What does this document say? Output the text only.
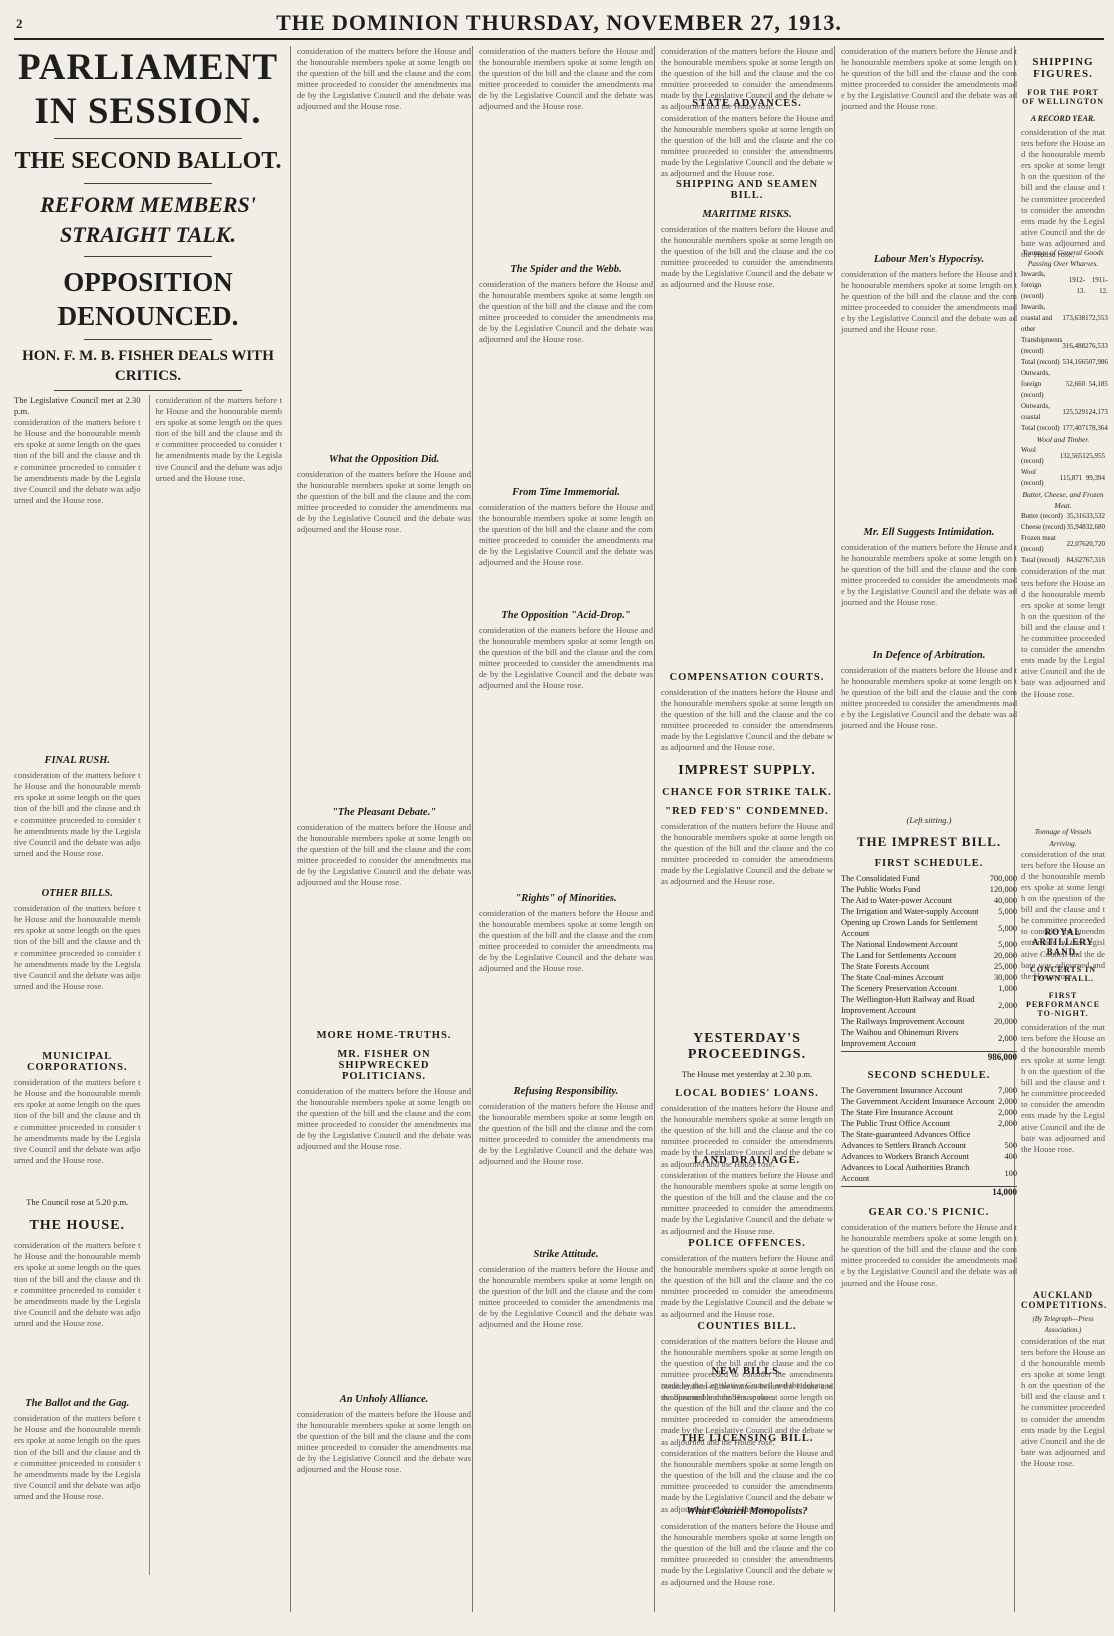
2	THE DOMINION THURSDAY, NOVEMBER 27, 1913.
PARLIAMENT IN SESSION.
THE SECOND BALLOT.
REFORM MEMBERS' STRAIGHT TALK.
OPPOSITION DENOUNCED.
HON. F. M. B. FISHER DEALS WITH CRITICS.
The Legislative Council met at 2.30 p.m.
consideration of the matters before the House and the honourable members spoke at some length on the question of the bill and the clause and the committee proceeded to consider the amendments made by the Legislative Council and the debate was adjourned and the House rose.
FINAL RUSH.
consideration of the matters before the House and the honourable members spoke at some length on the question of the bill and the clause and the committee proceeded to consider the amendments made by the Legislative Council and the debate was adjourned and the House rose.
OTHER BILLS.
consideration of the matters before the House and the honourable members spoke at some length on the question of the bill and the clause and the committee proceeded to consider the amendments made by the Legislative Council and the debate was adjourned and the House rose.
MUNICIPAL CORPORATIONS.
consideration of the matters before the House and the honourable members spoke at some length on the question of the bill and the clause and the committee proceeded to consider the amendments made by the Legislative Council and the debate was adjourned and the House rose.
The Council rose at 5.20 p.m.
THE HOUSE.
consideration of the matters before the House and the honourable members spoke at some length on the question of the bill and the clause and the committee proceeded to consider the amendments made by the Legislative Council and the debate was adjourned and the House rose.
The Ballot and the Gag.
consideration of the matters before the House and the honourable members spoke at some length on the question of the bill and the clause and the committee proceeded to consider the amendments made by the Legislative Council and the debate was adjourned and the House rose.
consideration of the matters before the House and the honourable members spoke at some length on the question of the bill and the clause and the committee proceeded to consider the amendments made by the Legislative Council and the debate was adjourned and the House rose.
consideration of the matters before the House and the honourable members spoke at some length on the question of the bill and the clause and the committee proceeded to consider the amendments made by the Legislative Council and the debate was adjourned and the House rose.
What the Opposition Did.
consideration of the matters before the House and the honourable members spoke at some length on the question of the bill and the clause and the committee proceeded to consider the amendments made by the Legislative Council and the debate was adjourned and the House rose.
"The Pleasant Debate."
consideration of the matters before the House and the honourable members spoke at some length on the question of the bill and the clause and the committee proceeded to consider the amendments made by the Legislative Council and the debate was adjourned and the House rose.
MORE HOME-TRUTHS.
MR. FISHER ON SHIPWRECKED POLITICIANS.
consideration of the matters before the House and the honourable members spoke at some length on the question of the bill and the clause and the committee proceeded to consider the amendments made by the Legislative Council and the debate was adjourned and the House rose.
An Unholy Alliance.
consideration of the matters before the House and the honourable members spoke at some length on the question of the bill and the clause and the committee proceeded to consider the amendments made by the Legislative Council and the debate was adjourned and the House rose.
consideration of the matters before the House and the honourable members spoke at some length on the question of the bill and the clause and the committee proceeded to consider the amendments made by the Legislative Council and the debate was adjourned and the House rose.
The Spider and the Webb.
consideration of the matters before the House and the honourable members spoke at some length on the question of the bill and the clause and the committee proceeded to consider the amendments made by the Legislative Council and the debate was adjourned and the House rose.
From Time Immemorial.
consideration of the matters before the House and the honourable members spoke at some length on the question of the bill and the clause and the committee proceeded to consider the amendments made by the Legislative Council and the debate was adjourned and the House rose.
The Opposition "Acid-Drop."
consideration of the matters before the House and the honourable members spoke at some length on the question of the bill and the clause and the committee proceeded to consider the amendments made by the Legislative Council and the debate was adjourned and the House rose.
"Rights" of Minorities.
consideration of the matters before the House and the honourable members spoke at some length on the question of the bill and the clause and the committee proceeded to consider the amendments made by the Legislative Council and the debate was adjourned and the House rose.
Refusing Responsibility.
consideration of the matters before the House and the honourable members spoke at some length on the question of the bill and the clause and the committee proceeded to consider the amendments made by the Legislative Council and the debate was adjourned and the House rose.
Strike Attitude.
consideration of the matters before the House and the honourable members spoke at some length on the question of the bill and the clause and the committee proceeded to consider the amendments made by the Legislative Council and the debate was adjourned and the House rose.
consideration of the matters before the House and the honourable members spoke at some length on the question of the bill and the clause and the committee proceeded to consider the amendments made by the Legislative Council and the debate was adjourned and the House rose.
STATE ADVANCES.
consideration of the matters before the House and the honourable members spoke at some length on the question of the bill and the clause and the committee proceeded to consider the amendments made by the Legislative Council and the debate was adjourned and the House rose.
SHIPPING AND SEAMEN BILL.
MARITIME RISKS.
consideration of the matters before the House and the honourable members spoke at some length on the question of the bill and the clause and the committee proceeded to consider the amendments made by the Legislative Council and the debate was adjourned and the House rose.
COMPENSATION COURTS.
consideration of the matters before the House and the honourable members spoke at some length on the question of the bill and the clause and the committee proceeded to consider the amendments made by the Legislative Council and the debate was adjourned and the House rose.
IMPREST SUPPLY.
CHANCE FOR STRIKE TALK.
"RED FED'S" CONDEMNED.
consideration of the matters before the House and the honourable members spoke at some length on the question of the bill and the clause and the committee proceeded to consider the amendments made by the Legislative Council and the debate was adjourned and the House rose.
YESTERDAY'S PROCEEDINGS.
The House met yesterday at 2.30 p.m.
LOCAL BODIES' LOANS.
consideration of the matters before the House and the honourable members spoke at some length on the question of the bill and the clause and the committee proceeded to consider the amendments made by the Legislative Council and the debate was adjourned and the House rose.
LAND DRAINAGE.
consideration of the matters before the House and the honourable members spoke at some length on the question of the bill and the clause and the committee proceeded to consider the amendments made by the Legislative Council and the debate was adjourned and the House rose.
POLICE OFFENCES.
consideration of the matters before the House and the honourable members spoke at some length on the question of the bill and the clause and the committee proceeded to consider the amendments made by the Legislative Council and the debate was adjourned and the House rose.
COUNTIES BILL.
consideration of the matters before the House and the honourable members spoke at some length on the question of the bill and the clause and the committee proceeded to consider the amendments made by the Legislative Council and the debate was adjourned and the House rose.
NEW BILLS.
consideration of the matters before the House and the honourable members spoke at some length on the question of the bill and the clause and the committee proceeded to consider the amendments made by the Legislative Council and the debate was adjourned and the House rose.
THE LICENSING BILL.
consideration of the matters before the House and the honourable members spoke at some length on the question of the bill and the clause and the committee proceeded to consider the amendments made by the Legislative Council and the debate was adjourned and the House rose.
What Council Monopolists?
consideration of the matters before the House and the honourable members spoke at some length on the question of the bill and the clause and the committee proceeded to consider the amendments made by the Legislative Council and the debate was adjourned and the House rose.
consideration of the matters before the House and the honourable members spoke at some length on the question of the bill and the clause and the committee proceeded to consider the amendments made by the Legislative Council and the debate was adjourned and the House rose.
Labour Men's Hypocrisy.
consideration of the matters before the House and the honourable members spoke at some length on the question of the bill and the clause and the committee proceeded to consider the amendments made by the Legislative Council and the debate was adjourned and the House rose.
Mr. Ell Suggests Intimidation.
consideration of the matters before the House and the honourable members spoke at some length on the question of the bill and the clause and the committee proceeded to consider the amendments made by the Legislative Council and the debate was adjourned and the House rose.
In Defence of Arbitration.
consideration of the matters before the House and the honourable members spoke at some length on the question of the bill and the clause and the committee proceeded to consider the amendments made by the Legislative Council and the debate was adjourned and the House rose.
(Left sitting.)
THE IMPREST BILL.
FIRST SCHEDULE.
The Consolidated Fund	700,000
The Public Works Fund	120,000
The Aid to Water-power Account	40,000
The Irrigation and Water-supply Account	5,000
Opening up Crown Lands for Settlement Account	5,000
The National Endowment Account	5,000
The Land for Settlements Account	20,000
The State Forests Account	25,000
The State Coal-mines Account	30,000
The Scenery Preservation Account	1,000
The Wellington-Hutt Railway and Road Improvement Account	2,000
The Railways Improvement Account	20,000
The Waihou and Ohinemuri Rivers Improvement Account	2,000
986,000
SECOND SCHEDULE.
The Government Insurance Account	7,000
The Government Accident Insurance Account	2,000
The State Fire Insurance Account	2,000
The Public Trust Office Account	2,000
The State-guaranteed Advances Office	
Advances to Settlers Branch Account	500
Advances to Workers Branch Account	400
Advances to Local Authorities Branch Account	100
14,000
GEAR CO.'S PICNIC.
consideration of the matters before the House and the honourable members spoke at some length on the question of the bill and the clause and the committee proceeded to consider the amendments made by the Legislative Council and the debate was adjourned and the House rose.
SHIPPING FIGURES.
FOR THE PORT OF WELLINGTON
A RECORD YEAR.
consideration of the matters before the House and the honourable members spoke at some length on the question of the bill and the clause and the committee proceeded to consider the amendments made by the Legislative Council and the debate was adjourned and the House rose.
Tonnage of General Goods Passing Over Wharves.
Inwards, foreign (record)	1912-13.	1911-12.
Inwards, coastal and other	173,638	172,553
Transhipments (record)	316,488	276,533
Total (record)	534,166	507,986
Outwards, foreign (record)	52,660	54,185
Outwards, coastal	125,529	124,173
Total (record)	177,407	178,364
Wool and Timber.
Wool (record)	132,565	125,955
Wool (record)	115,871	99,394
Butter, Cheese, and Frozen Meat.
Butter (record)	35,316	33,532
Cheese (record)	35,948	32,680
Frozen meat (record)	22,076	20,720
Total (record)	84,627	67,316
consideration of the matters before the House and the honourable members spoke at some length on the question of the bill and the clause and the committee proceeded to consider the amendments made by the Legislative Council and the debate was adjourned and the House rose.
Tonnage of Vessels Arriving.
consideration of the matters before the House and the honourable members spoke at some length on the question of the bill and the clause and the committee proceeded to consider the amendments made by the Legislative Council and the debate was adjourned and the House rose.
ROYAL ARTILLERY BAND.
CONCERTS IN TOWN HALL.
FIRST PERFORMANCE TO-NIGHT.
consideration of the matters before the House and the honourable members spoke at some length on the question of the bill and the clause and the committee proceeded to consider the amendments made by the Legislative Council and the debate was adjourned and the House rose.
AUCKLAND COMPETITIONS.
(By Telegraph—Press Association.)
consideration of the matters before the House and the honourable members spoke at some length on the question of the bill and the clause and the committee proceeded to consider the amendments made by the Legislative Council and the debate was adjourned and the House rose.
